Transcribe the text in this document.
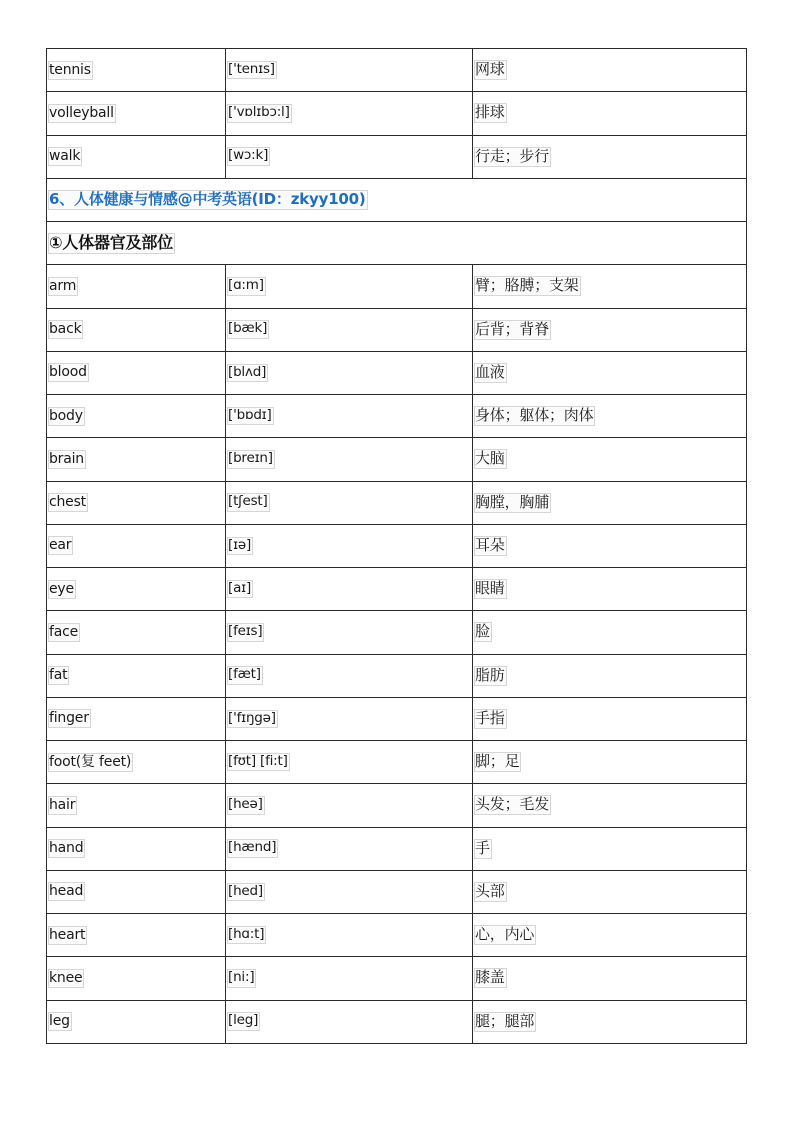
tennis	['tenɪs]	网球
volleyball	['vɒlɪbɔ:l]	排球
walk	[wɔ:k]	行走；步行
6、人体健康与情感@中考英语(ID：zkyy100)		
①人体器官及部位		
arm	[ɑ:m]	臂；胳膊；支架
back	[bæk]	后背；背脊
blood	[blʌd]	血液
body	['bɒdɪ]	身体；躯体；肉体
brain	[breɪn]	大脑
chest	[tʃest]	胸膛，胸脯
ear	[ɪə]	耳朵
eye	[aɪ]	眼睛
face	[feɪs]	脸
fat	[fæt]	脂肪
finger	['fɪŋgə]	手指
foot(复 feet)	[fʊt] [fi:t]	脚；足
hair	[heə]	头发；毛发
hand	[hænd]	手
head	[hed]	头部
heart	[hɑ:t]	心，内心
knee	[ni:]	膝盖
leg	[leg]	腿；腿部
